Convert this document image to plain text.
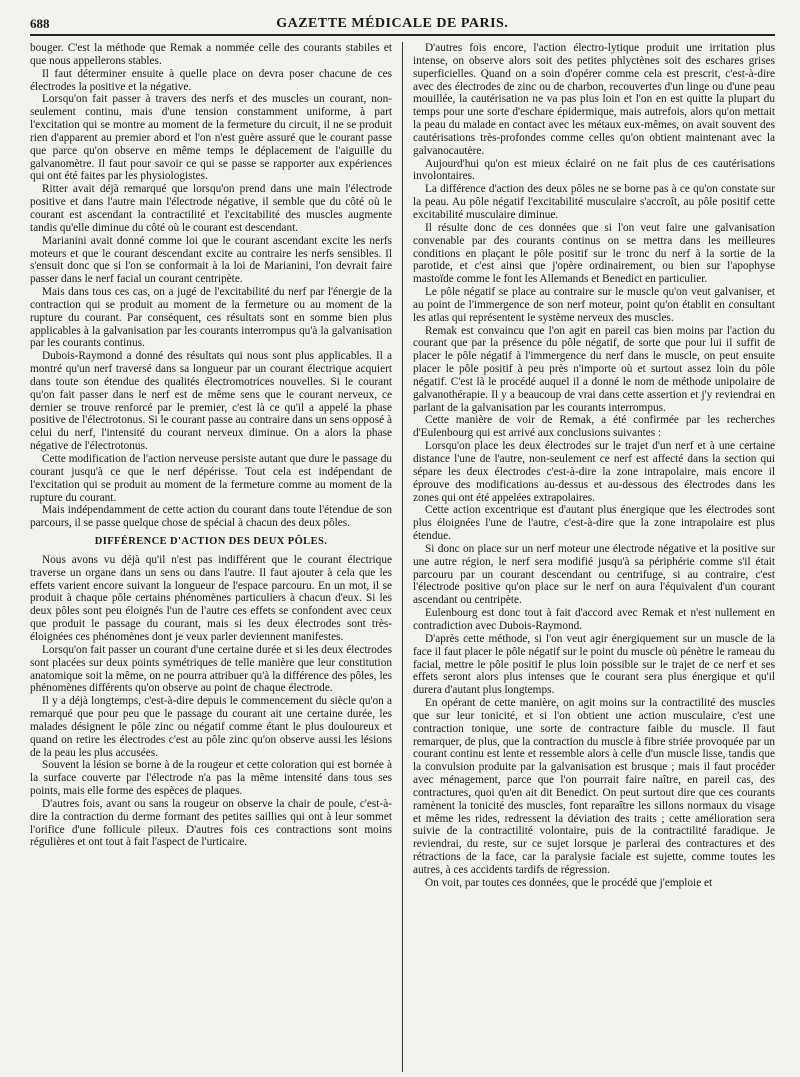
688	GAZETTE MÉDICALE DE PARIS.

bouger. C'est la méthode que Remak a nommée celle des courants stabiles et que nous appellerons stables.

Il faut déterminer ensuite à quelle place on devra poser chacune de ces électrodes la positive et la négative.

Lorsqu'on fait passer à travers des nerfs et des muscles un courant, non-seulement continu, mais d'une tension constamment uniforme, à part l'excitation qui se montre au moment de la fermeture du circuit, il ne se produit rien d'apparent au premier abord et l'on n'est guère assuré que le courant passe que parce qu'on observe en même temps le déplacement de l'aiguille du galvanomètre. Il faut pour savoir ce qui se passe se rapporter aux expériences qui ont été faites par les physiologistes.

Ritter avait déjà remarqué que lorsqu'on prend dans une main l'électrode positive et dans l'autre main l'électrode négative, il semble que du côté où le courant est ascendant la contractilité et l'excitabilité des muscles augmente tandis qu'elle diminue du côté où le courant est descendant.

Marianini avait donné comme loi que le courant ascendant excite les nerfs moteurs et que le courant descendant excite au contraire les nerfs sensibles. Il s'ensuit donc que si l'on se conformait à la loi de Marianini, l'on devrait faire passer dans le nerf facial un courant centripète.

Mais dans tous ces cas, on a jugé de l'excitabilité du nerf par l'énergie de la contraction qui se produit au moment de la fermeture ou au moment de la rupture du courant. Par conséquent, ces résultats sont en somme bien plus applicables à la galvanisation par les courants interrompus qu'à la galvanisation par les courants continus.

Dubois-Raymond a donné des résultats qui nous sont plus applicables. Il a montré qu'un nerf traversé dans sa longueur par un courant électrique acquiert dans toute son étendue des qualités électromotrices nouvelles. Si le courant qu'on fait passer dans le nerf est de même sens que le courant nerveux, ce dernier se trouve renforcé par le premier, c'est là ce qu'il a appelé la phase positive de l'électrotonus. Si le courant passe au contraire dans un sens opposé à celui du nerf, l'intensité du courant nerveux diminue. On a alors la phase négative de l'électrotonus.

Cette modification de l'action nerveuse persiste autant que dure le passage du courant jusqu'à ce que le nerf dépérisse. Tout cela est indépendant de l'excitation qui se produit au moment de la fermeture comme au moment de la rupture du courant.

Mais indépendamment de cette action du courant dans toute l'étendue de son parcours, il se passe quelque chose de spécial à chacun des deux pôles.

DIFFÉRENCE D'ACTION DES DEUX PÔLES.

Nous avons vu déjà qu'il n'est pas indifférent que le courant électrique traverse un organe dans un sens ou dans l'autre. Il faut ajouter à cela que les effets varient encore suivant la longueur de l'espace parcouru. En un mot, il se produit à chaque pôle certains phénomènes particuliers à chacun d'eux. Si les deux pôles sont peu éloignés l'un de l'autre ces effets se confondent avec ceux que produit le passage du courant, mais si les deux électrodes sont très-éloignées ces phénomènes dont je veux parler deviennent manifestes.

Lorsqu'on fait passer un courant d'une certaine durée et si les deux électrodes sont placées sur deux points symétriques de telle manière que leur constitution anatomique soit la même, on ne pourra attribuer qu'à la différence des pôles, les phénomènes différents qu'on observe au point de chaque électrode.

Il y a déjà longtemps, c'est-à-dire depuis le commencement du siècle qu'on a remarqué que pour peu que le passage du courant ait une certaine durée, les malades désignent le pôle zinc ou négatif comme étant le plus douloureux et quand on retire les électrodes c'est au pôle zinc qu'on observe aussi les lésions de la peau les plus accusées.

Souvent la lésion se borne à de la rougeur et cette coloration qui est bornée à la surface couverte par l'électrode n'a pas la même intensité dans tous ses points, mais elle forme des espèces de plaques.

D'autres fois, avant ou sans la rougeur on observe la chair de poule, c'est-à-dire la contraction du derme formant des petites saillies qui ont à leur sommet l'orifice d'une follicule pileux. D'autres fois ces contractions sont moins régulières et ont tout à fait l'aspect de l'urticaire.

D'autres fois encore, l'action électro-lytique produit une irritation plus intense, on observe alors soit des petites phlyctènes soit des eschares grises superficielles. Quand on a soin d'opérer comme cela est prescrit, c'est-à-dire avec des électrodes de zinc ou de charbon, recouvertes d'un linge ou d'une peau mouillée, la cautérisation ne va pas plus loin et l'on en est quitte la plupart du temps pour une sorte d'eschare épidermique, mais autrefois, alors qu'on mettait la peau du malade en contact avec les métaux eux-mêmes, on avait souvent des cautérisations très-profondes comme celles qu'on obtient maintenant avec la galvanocautère.

Aujourd'hui qu'on est mieux éclairé on ne fait plus de ces cautérisations involontaires.

La différence d'action des deux pôles ne se borne pas à ce qu'on constate sur la peau. Au pôle négatif l'excitabilité musculaire s'accroît, au pôle positif cette excitabilité musculaire diminue.

Il résulte donc de ces données que si l'on veut faire une galvanisation convenable par des courants continus on se mettra dans les meilleures conditions en plaçant le pôle positif sur le tronc du nerf à la sortie de la parotide, et c'est ainsi que j'opère ordinairement, ou bien sur l'apophyse mastoïde comme le font les Allemands et Benedict en particulier.

Le pôle négatif se place au contraire sur le muscle qu'on veut galvaniser, et au point de l'immergence de son nerf moteur, point qu'on établit en consultant les atlas qui représentent le système nerveux des muscles.

Remak est convaincu que l'on agit en pareil cas bien moins par l'action du courant que par la présence du pôle négatif, de sorte que pour lui il suffit de placer le pôle négatif à l'immergence du nerf dans le muscle, on peut ensuite placer le pôle positif à peu près n'importe où et surtout assez loin du pôle négatif. C'est là le procédé auquel il a donné le nom de méthode unipolaire de galvanothérapie. Il y a beaucoup de vrai dans cette assertion et j'y reviendrai en parlant de la galvanisation par les courants interrompus.

Cette manière de voir de Remak, a été confirmée par les recherches d'Eulenbourg qui est arrivé aux conclusions suivantes :

Lorsqu'on place les deux électrodes sur le trajet d'un nerf et à une certaine distance l'une de l'autre, non-seulement ce nerf est affecté dans la section qui sépare les deux électrodes c'est-à-dire la zone intrapolaire, mais encore il éprouve des modifications au-dessus et au-dessous des électrodes dans les zones qui ont été appelées extrapolaires.

Cette action excentrique est d'autant plus énergique que les électrodes sont plus éloignées l'une de l'autre, c'est-à-dire que la zone intrapolaire est plus étendue.

Si donc on place sur un nerf moteur une électrode négative et la positive sur une autre région, le nerf sera modifié jusqu'à sa périphérie comme s'il était parcouru par un courant descendant ou centrifuge, si au contraire, c'est l'électrode positive qu'on place sur le nerf on aura l'équivalent d'un courant ascendant ou centripète.

Eulenbourg est donc tout à fait d'accord avec Remak et n'est nullement en contradiction avec Dubois-Raymond.

D'après cette méthode, si l'on veut agir énergiquement sur un muscle de la face il faut placer le pôle négatif sur le point du muscle où pénètre le rameau du facial, mettre le pôle positif le plus loin possible sur le trajet de ce nerf et ses effets seront alors plus intenses que le courant sera plus énergique et qu'il durera d'autant plus longtemps.

En opérant de cette manière, on agit moins sur la contractilité des muscles que sur leur tonicité, et si l'on obtient une action musculaire, c'est une contraction tonique, une sorte de contracture faible du muscle. Il faut remarquer, de plus, que la contraction du muscle à fibre striée provoquée par un courant continu est lente et ressemble alors à celle d'un muscle lisse, tandis que la convulsion produite par la galvanisation est brusque ; mais il faut procéder avec ménagement, parce que l'on pourrait faire naître, en pareil cas, des contractures, quoi qu'en ait dit Benedict. On peut surtout dire que ces courants ramènent la tonicité des muscles, font reparaître les sillons normaux du visage et même les rides, redressent la déviation des traits ; cette amélioration sera suivie de la contractilité volontaire, puis de la contractilité faradique. Je reviendrai, du reste, sur ce sujet lorsque je parlerai des contractures et des rétractions de la face, car la paralysie faciale est sujette, comme toutes les autres, à ces accidents tardifs de régression.

On voit, par toutes ces données, que le procédé que j'emploie et
